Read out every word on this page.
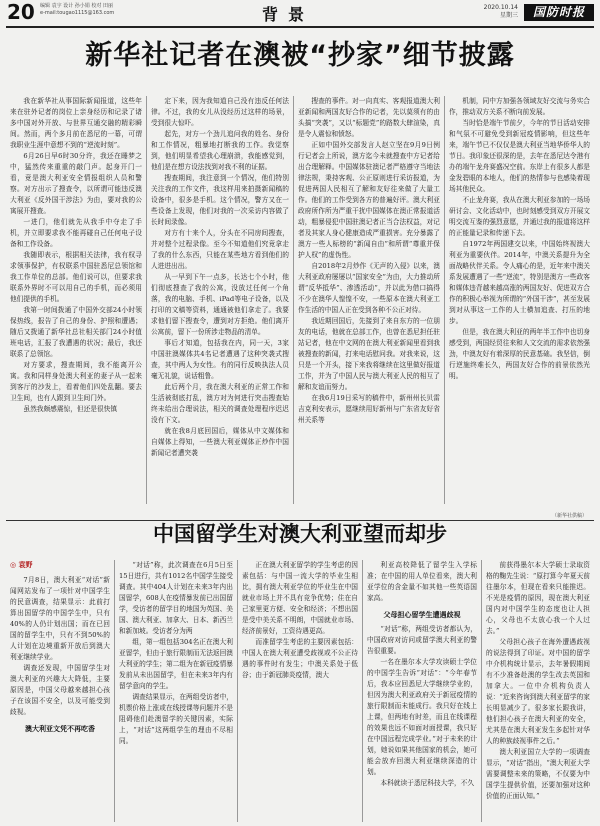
20 编辑 袁宇 设计 孙小娟 校对 田丽
e-mail:tougao1115@163.com	背景	2020.10.14
星期三	国防时报
新华社记者在澳被“抄家”细节披露

我在新华社从事国际新闻报道，这些年来在驻外记者的岗位上亲身经历和记录了诸多中国对外开放、与世界互通交融的精彩瞬间。然而，两个多月前在悉尼的一幕，可谓我职业生涯中意想不到的“逆流时刻”。

6月26日早6时30分许，我还在睡梦之中，猛然传来重重的敲门声。起身开门一看，竟是澳大利亚安全情报组织人员和警察。对方出示了搜查令，以所谓可能违反澳大利亚《反外国干涉法》为由，要对我的公寓展开搜查。

一进门，他们就先从我手中夺走了手机，并立即要求我不能再碰自己任何电子设备和工作设备。

我随即表示，根据相关法律，我有权寻求领事保护，有权联系中国驻悉尼总领馆和我工作单位的总部。他们说可以，但要求我联系外界时不可以用自己的手机，而必须用他们提供的手机。

我第一时间拨通了中国外交部24小时领保热线，报告了自己的身份、护照和遭遇；随后又拨通了新华社总社相关部门24小时值班电话，汇报了我遭遇的状况；最后，我还联系了总领馆。

对方要求，搜查期间，我不能离开公寓。我和同样身处澳大利亚的妻子从一起来到客厅的沙发上，看着他们四处乱翻。要去卫生间，也有人跟到卫生间门外。

虽然我颇感震惊，但还是很快镇

定下来，因为我知道自己没有违反任何法律。不过，我的女儿从没经历过这样的场景，受到很大惊吓。

起先，对方一个劲儿追问我的姓名、身份和工作情况，粗暴地打断我的工作。我觉察到，他们明显希望我心理崩溃，我能感觉到，他们是在想方设法找到对我不利的证据。

搜查期间，我注意到一个情况，他们特别关注我的工作文件，我这样用来拍摄新闻稿的设备中，很多是手机。这个情况，警方又在一些设备上发现，他们对我的一次采访内容做了长时间录像。

对方有十来个人，分头在不同房间搜查，并对整个过程录像。至今不知道他们究竟拿走了我的什么东西，只能在某些地方看到他们的人进进出出。

从一早到下午一点多，长达七个小时，他们彻底搜查了我的公寓，没放过任何一个角落，我的电脑、手机、iPad等电子设备，以及打印的文稿等资料，通通被他们拿走了。我要求他们留下搜查令，遭到对方拒绝。他们离开公寓前，留下一份所涉走物品的清单。

事后才知道，包括我在内，同一天，3家中国驻澳媒体共4名记者遭遇了这种突袭式搜查，其中两人为女性。有的同行反映执法人员毫无礼貌，说话粗鲁。

此后两个月，我在澳大利亚的正常工作和生活被彻底打乱，澳方对为何进行突击搜查始终未给出合理说法，相关的调查处理程序迟迟没有下文。

就在我8月底回国后，媒体从中文媒体和自媒体上得知，一些澳大利亚媒体正炒作中国新闻记者遭突袭

搜查的事件。对一向真实、客观报道澳大利亚新闻和两国友好合作的记者，先以莫须有的由头搞“突袭”，又以“标题党”的路数大肆渲染，真是令人震惊和愤怒。

正如中国外交部发言人赵立坚在9月9日例行记者会上所说，澳方迄今未就搜查中方记者给出合理解释。中国媒体驻澳记者严格遵守当地法律法规，秉持客观、公正原则进行采访报道，为促进两国人民相互了解和友好往来做了大量工作。他们的工作受到各方的普遍好评。澳大利亚政府所作所为严重干扰中国媒体在澳正常报道活动，粗暴侵犯中国驻澳记者正当合法权益，对记者及其家人身心健康造成严重损害。充分暴露了澳方一些人标榜的“新闻自由”和所谓“尊重并保护人权”的虚伪性。

自2018年2月炒作《无声的入侵》以来，澳大利亚政府屡屡以“国家安全”为由，大力推动所谓“反华抵华”、渗透活动”，并以此为借口搞得不少在澳华人惶惶不安，一些原本在澳大利亚工作生活的中国人正在受到各种不公正对待。

我近期回国后，先接到了来自东方的一位朋友的电话，他就在总部工作，也曾在悉尼担任驻站记者，他在中文网的在澳大利亚新闻里看到我被搜查的新闻，打来电话慰问我。对我来说，这只是一个开头，接下来我将继续在这里做好报道工作，并为了中国人民与澳大利亚人民的相互了解和友谊而努力。

在我6月19日采写的稿件中，新州州长贝雷吉克利安表示，愿继续用好新州与广东省友好省州关系等

机制，同中方加强各领域友好交流与务实合作，推动双方关系不断向前发展。

当时恰是端午节前夕，今年的节日活动安排和气氛不可避免受到新冠疫情影响，但这些年来，端午节已不仅仅是澳大利亚当地华侨华人的节日。我印象还很深的是，去年在悉尼达令港有办的端午龙舟赛盛况空前。东岸上有很多人都是金发碧眼的本地人，他们的热情参与也感染着现场其他民众。

不止龙舟赛，我从在澳大利亚参加的一场场研讨会、文化活动中，也时刻感受到双方开展文明交流互鉴的强烈意愿，并通过我的报道将这样的正能量记录和传递下去。

自1972年两国建交以来，中国始终视澳大利亚为重要伙伴。2014年，中澳关系提升为全面战略伙伴关系。令人痛心的是，近年来中澳关系发展遭遇了一些“逆流”，特别是澳方一些政客和媒体违背越来越高涨的两国友好、促进双方合作的积极心举视为所谓的“外国干涉”，甚至发展到对从事这一工作的人士横加追查、打压的地步。

但是，我在澳大利亚的两年半工作中也切身感受到，两国经贸往来和人文交流的需求依然强劲，中澳友好有着深厚的民意基础。我坚信，倒行逆施终难长久，两国友好合作的前景依然光明。

（新华社供稿）
中国留学生对澳大利亚望而却步

◎ 袁野

7月8日，澳大利亚“对话”新闻网站发布了一项针对中国学生的民意调查，结果显示：此前打算出国留学的中国学生中，只有40%的人仍计划出国；而在已回国的留学生中，只有不到50%的人计划在边境重新开放后到澳大利亚继续学业。

调查还发现，中国留学生对澳大利亚的兴趣大大降低，主要原因是，中国父母越来越担心孩子在该国不安全，以及可能受到歧视。

澳大利亚文凭不再吃香

“对话”称，此次调查在6月5日至15日进行，共有1012名中国学生接受调查。其中404人计划在未来3年内出国留学，608人在疫情暴发前已出国留学，受访者的留学目的地国为英国、美国、澳大利亚、加拿大、日本、新西兰和新加坡。受访者分为两

组，第一组包括304名正在澳大利亚留学，但由于旅行限制而无法返回澳大利亚的学生；第二组为在新冠疫情暴发前从未出国留学，但在未来3年内有留学意向的学生。

调查结果显示，在两组受访者中，机票价格上涨或在线授课等问题并不是阻碍他们赴澳留学的关键因素，实际上，“对话”这两组学生的理由不尽相同。

正在澳大利亚留学的学生考虑的因素包括：与中国一流大学的毕业生相比，拥有澳大利亚学位的毕业生在中国就业市场上并不具有竞争优势；住在自己家里更方便、安全和经济；不想出国是受中美关系不明朗，中国就业市场、经济前景好，工资待遇更高。

而准留学生考虑的主要因素包括：中国人在澳大利亚遭受歧视或不公正待遇的事件时有发生；中澳关系处于低谷；由于新冠肺炎疫情，澳大

利亚高校降低了留学生入学标准；在中国的用人单位看来，澳大利亚学位的含金量不如其他一些英语国家高。

父母担心留学生遭遇歧视

“对话”称，两组受访者都认为，中国政府对访问或留学澳大利亚的警告很重要。

一名在墨尔本大学攻读硕士学位的中国学生告诉“对话”：“今年春节后，我本应回悉尼大学继续学业的，但因为澳大利亚政府关于新冠疫情的旅行限制而未能成行。我只好在线上上课，但两地有时差，而且在线课程的效果也远不如面对面授课，我只好在中国远程完成学业。”对于未来的计划，她说如果其他国家的机会，她可能会放弃回澳大利亚继续深造的计划。

本科就读于悉尼科技大学，不久

前获得墨尔本大学硕士录取资格的鞠先生说：“原打算今年夏天前往墨尔本，但现在看来只能推迟。不光是疫情的原因，现在澳大利亚国内对中国学生的态度也让人担心，父母也不太放心我一个人过去。”

父母担心孩子在海外遭遇歧视的说法得到了印证。对中国的留学中介机构统计显示，去年暑假期间有不少准备赴澳的学生改去英国和加拿大。一位中介机构负责人说：“近来咨询到澳大利亚留学的家长明显减少了。很多家长跟我讲，他们担心孩子在澳大利亚的安全，尤其是在澳大利亚发生多起针对华人的种族歧视事件之后。”

澳大利亚国立大学的一项调查显示，“对话”指出，“澳大利亚大学需要调整未来的策略，不仅要为中国学生提供价值，还要加强对这种价值的正面认知。”
